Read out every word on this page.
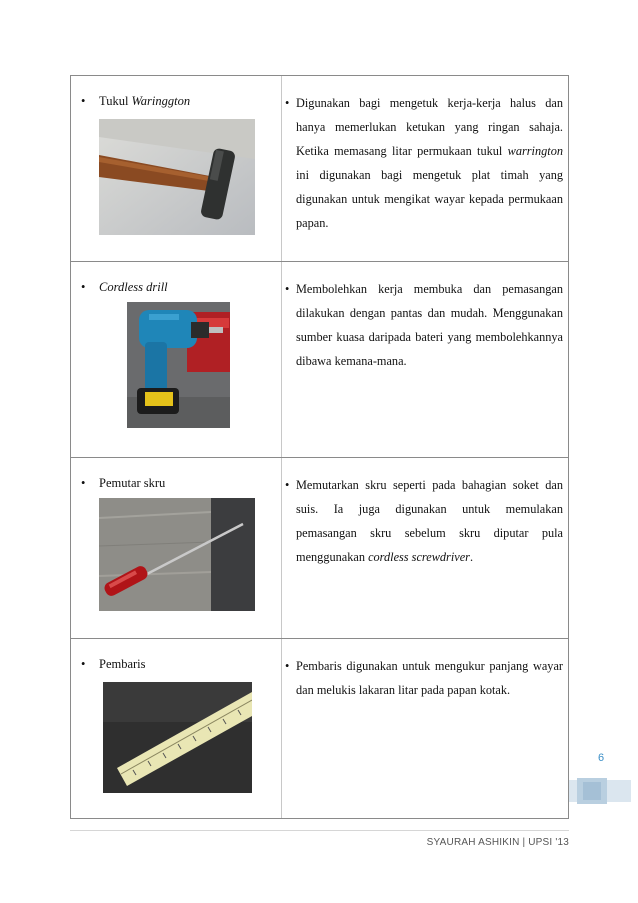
• Tukul Waringgton	• Digunakan bagi mengetuk kerja-kerja halus dan hanya memerlukan ketukan yang ringan sahaja. Ketika memasang litar permukaan tukul warrington ini digunakan bagi mengetuk plat timah yang digunakan untuk mengikat wayar kepada permukaan papan.

• Cordless drill	• Membolehkan kerja membuka dan pemasangan dilakukan dengan pantas dan mudah. Menggunakan sumber kuasa daripada bateri yang membolehkannya dibawa kemana-mana.

• Pemutar skru	• Memutarkan skru seperti pada bahagian soket dan suis. Ia juga digunakan untuk memulakan pemasangan skru sebelum skru diputar pula menggunakan cordless screwdriver.

• Pembaris	• Pembaris digunakan untuk mengukur panjang wayar dan melukis lakaran litar pada papan kotak.

6
SYAURAH ASHIKIN | UPSI '13
